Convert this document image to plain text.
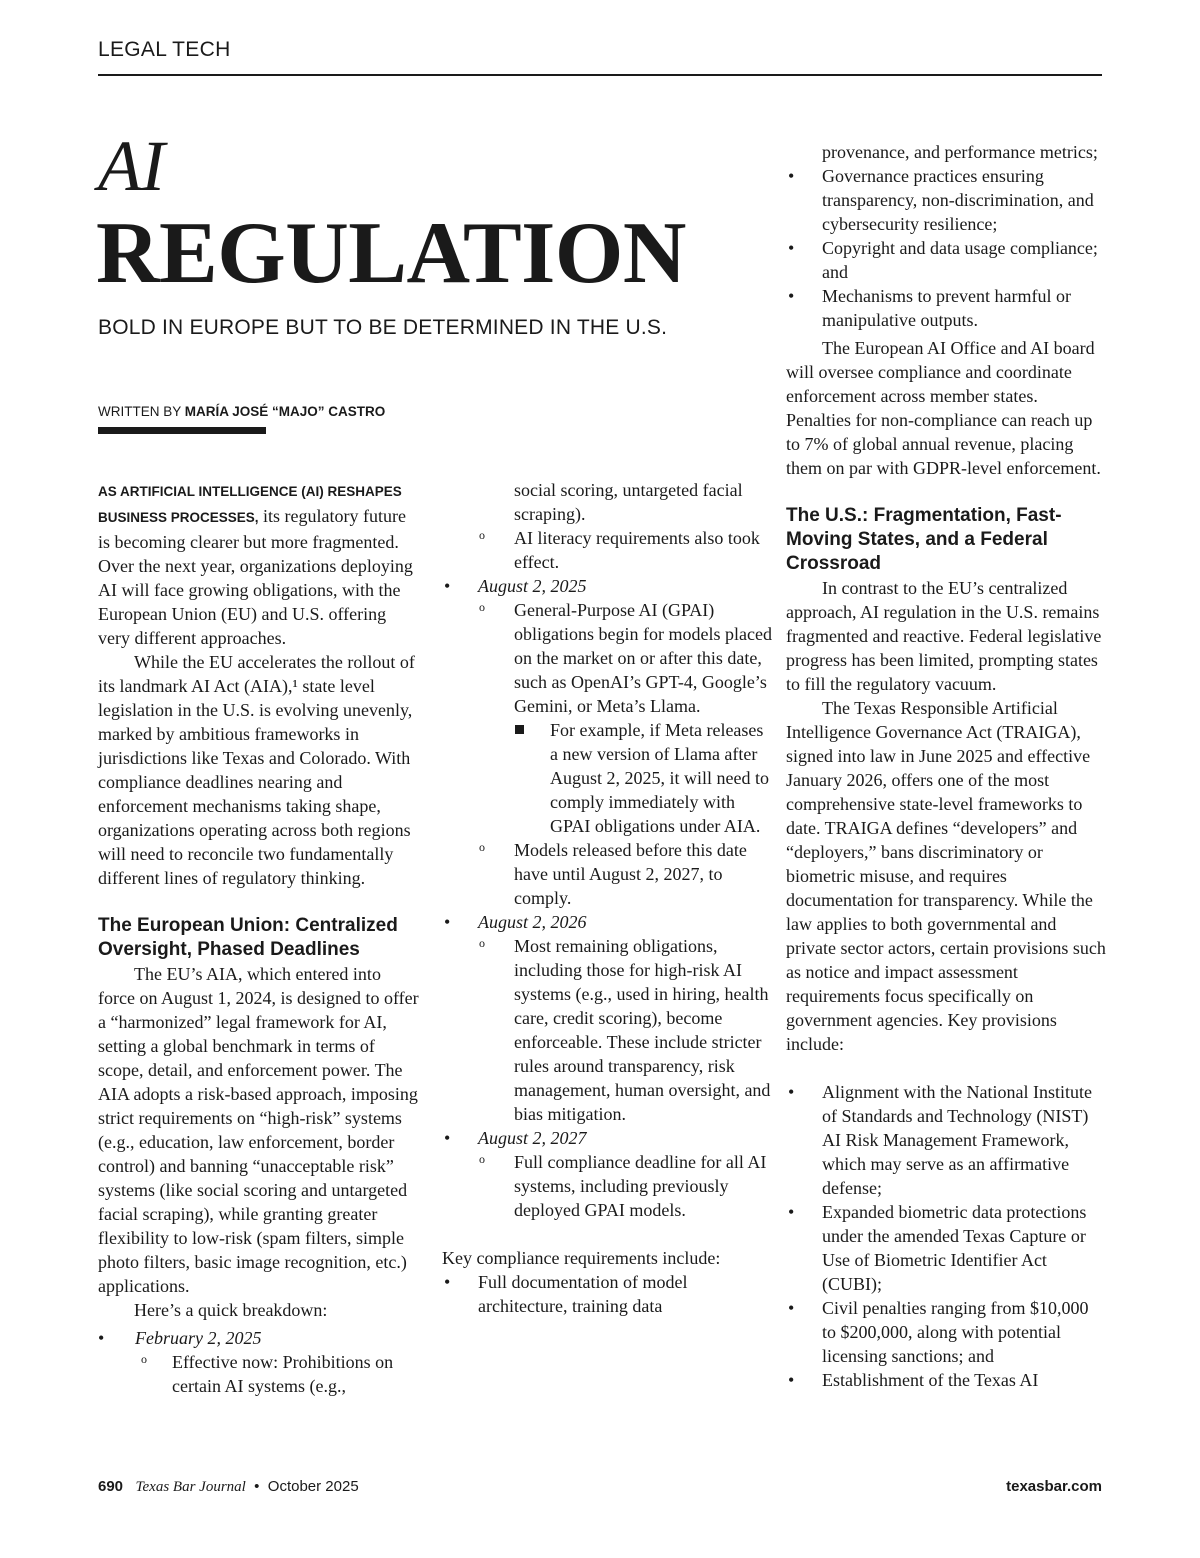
LEGAL TECH
AI
REGULATION
BOLD IN EUROPE BUT TO BE DETERMINED IN THE U.S.
WRITTEN BY MARÍA JOSÉ “MAJO” CASTRO

AS ARTIFICIAL INTELLIGENCE (AI) RESHAPES BUSINESS PROCESSES, its regulatory future is becoming clearer but more fragmented. Over the next year, organizations deploying AI will face growing obligations, with the European Union (EU) and U.S. offering very different approaches.

While the EU accelerates the rollout of its landmark AI Act (AIA),¹ state level legislation in the U.S. is evolving unevenly, marked by ambitious frameworks in jurisdictions like Texas and Colorado. With compliance deadlines nearing and enforcement mechanisms taking shape, organizations operating across both regions will need to reconcile two fundamentally different lines of regulatory thinking.

The European Union: Centralized Oversight, Phased Deadlines

The EU’s AIA, which entered into force on August 1, 2024, is designed to offer a “harmonized” legal framework for AI, setting a global benchmark in terms of scope, detail, and enforcement power. The AIA adopts a risk-based approach, imposing strict requirements on “high-risk” systems (e.g., education, law enforcement, border control) and banning “unacceptable risk” systems (like social scoring and untargeted facial scraping), while granting greater flexibility to low-risk (spam filters, simple photo filters, basic image recognition, etc.) applications.

Here’s a quick breakdown:

• February 2, 2025
o Effective now: Prohibitions on certain AI systems (e.g.,
social scoring, untargeted facial scraping).
o AI literacy requirements also took effect.
• August 2, 2025
o General-Purpose AI (GPAI) obligations begin for models placed on the market on or after this date, such as OpenAI’s GPT-4, Google’s Gemini, or Meta’s Llama.
For example, if Meta releases a new version of Llama after August 2, 2025, it will need to comply immediately with GPAI obligations under AIA.
o Models released before this date have until August 2, 2027, to comply.
• August 2, 2026
o Most remaining obligations, including those for high-risk AI systems (e.g., used in hiring, health care, credit scoring), become enforceable. These include stricter rules around transparency, risk management, human oversight, and bias mitigation.
• August 2, 2027
o Full compliance deadline for all AI systems, including previously deployed GPAI models.

Key compliance requirements include:

• Full documentation of model architecture, training data
provenance, and performance metrics;
• Governance practices ensuring transparency, non-discrimination, and cybersecurity resilience;
• Copyright and data usage compliance; and
• Mechanisms to prevent harmful or manipulative outputs.

The European AI Office and AI board will oversee compliance and coordinate enforcement across member states. Penalties for non-compliance can reach up to 7% of global annual revenue, placing them on par with GDPR-level enforcement.

The U.S.: Fragmentation, Fast-Moving States, and a Federal Crossroad

In contrast to the EU’s centralized approach, AI regulation in the U.S. remains fragmented and reactive. Federal legislative progress has been limited, prompting states to fill the regulatory vacuum.

The Texas Responsible Artificial Intelligence Governance Act (TRAIGA), signed into law in June 2025 and effective January 2026, offers one of the most comprehensive state-level frameworks to date. TRAIGA defines “developers” and “deployers,” bans discriminatory or biometric misuse, and requires documentation for transparency. While the law applies to both governmental and private sector actors, certain provisions such as notice and impact assessment requirements focus specifically on government agencies. Key provisions include:

• Alignment with the National Institute of Standards and Technology (NIST) AI Risk Management Framework, which may serve as an affirmative defense;
• Expanded biometric data protections under the amended Texas Capture or Use of Biometric Identifier Act (CUBI);
• Civil penalties ranging from $10,000 to $200,000, along with potential licensing sanctions; and
• Establishment of the Texas AI
690 Texas Bar Journal • October 2025	texasbar.com
